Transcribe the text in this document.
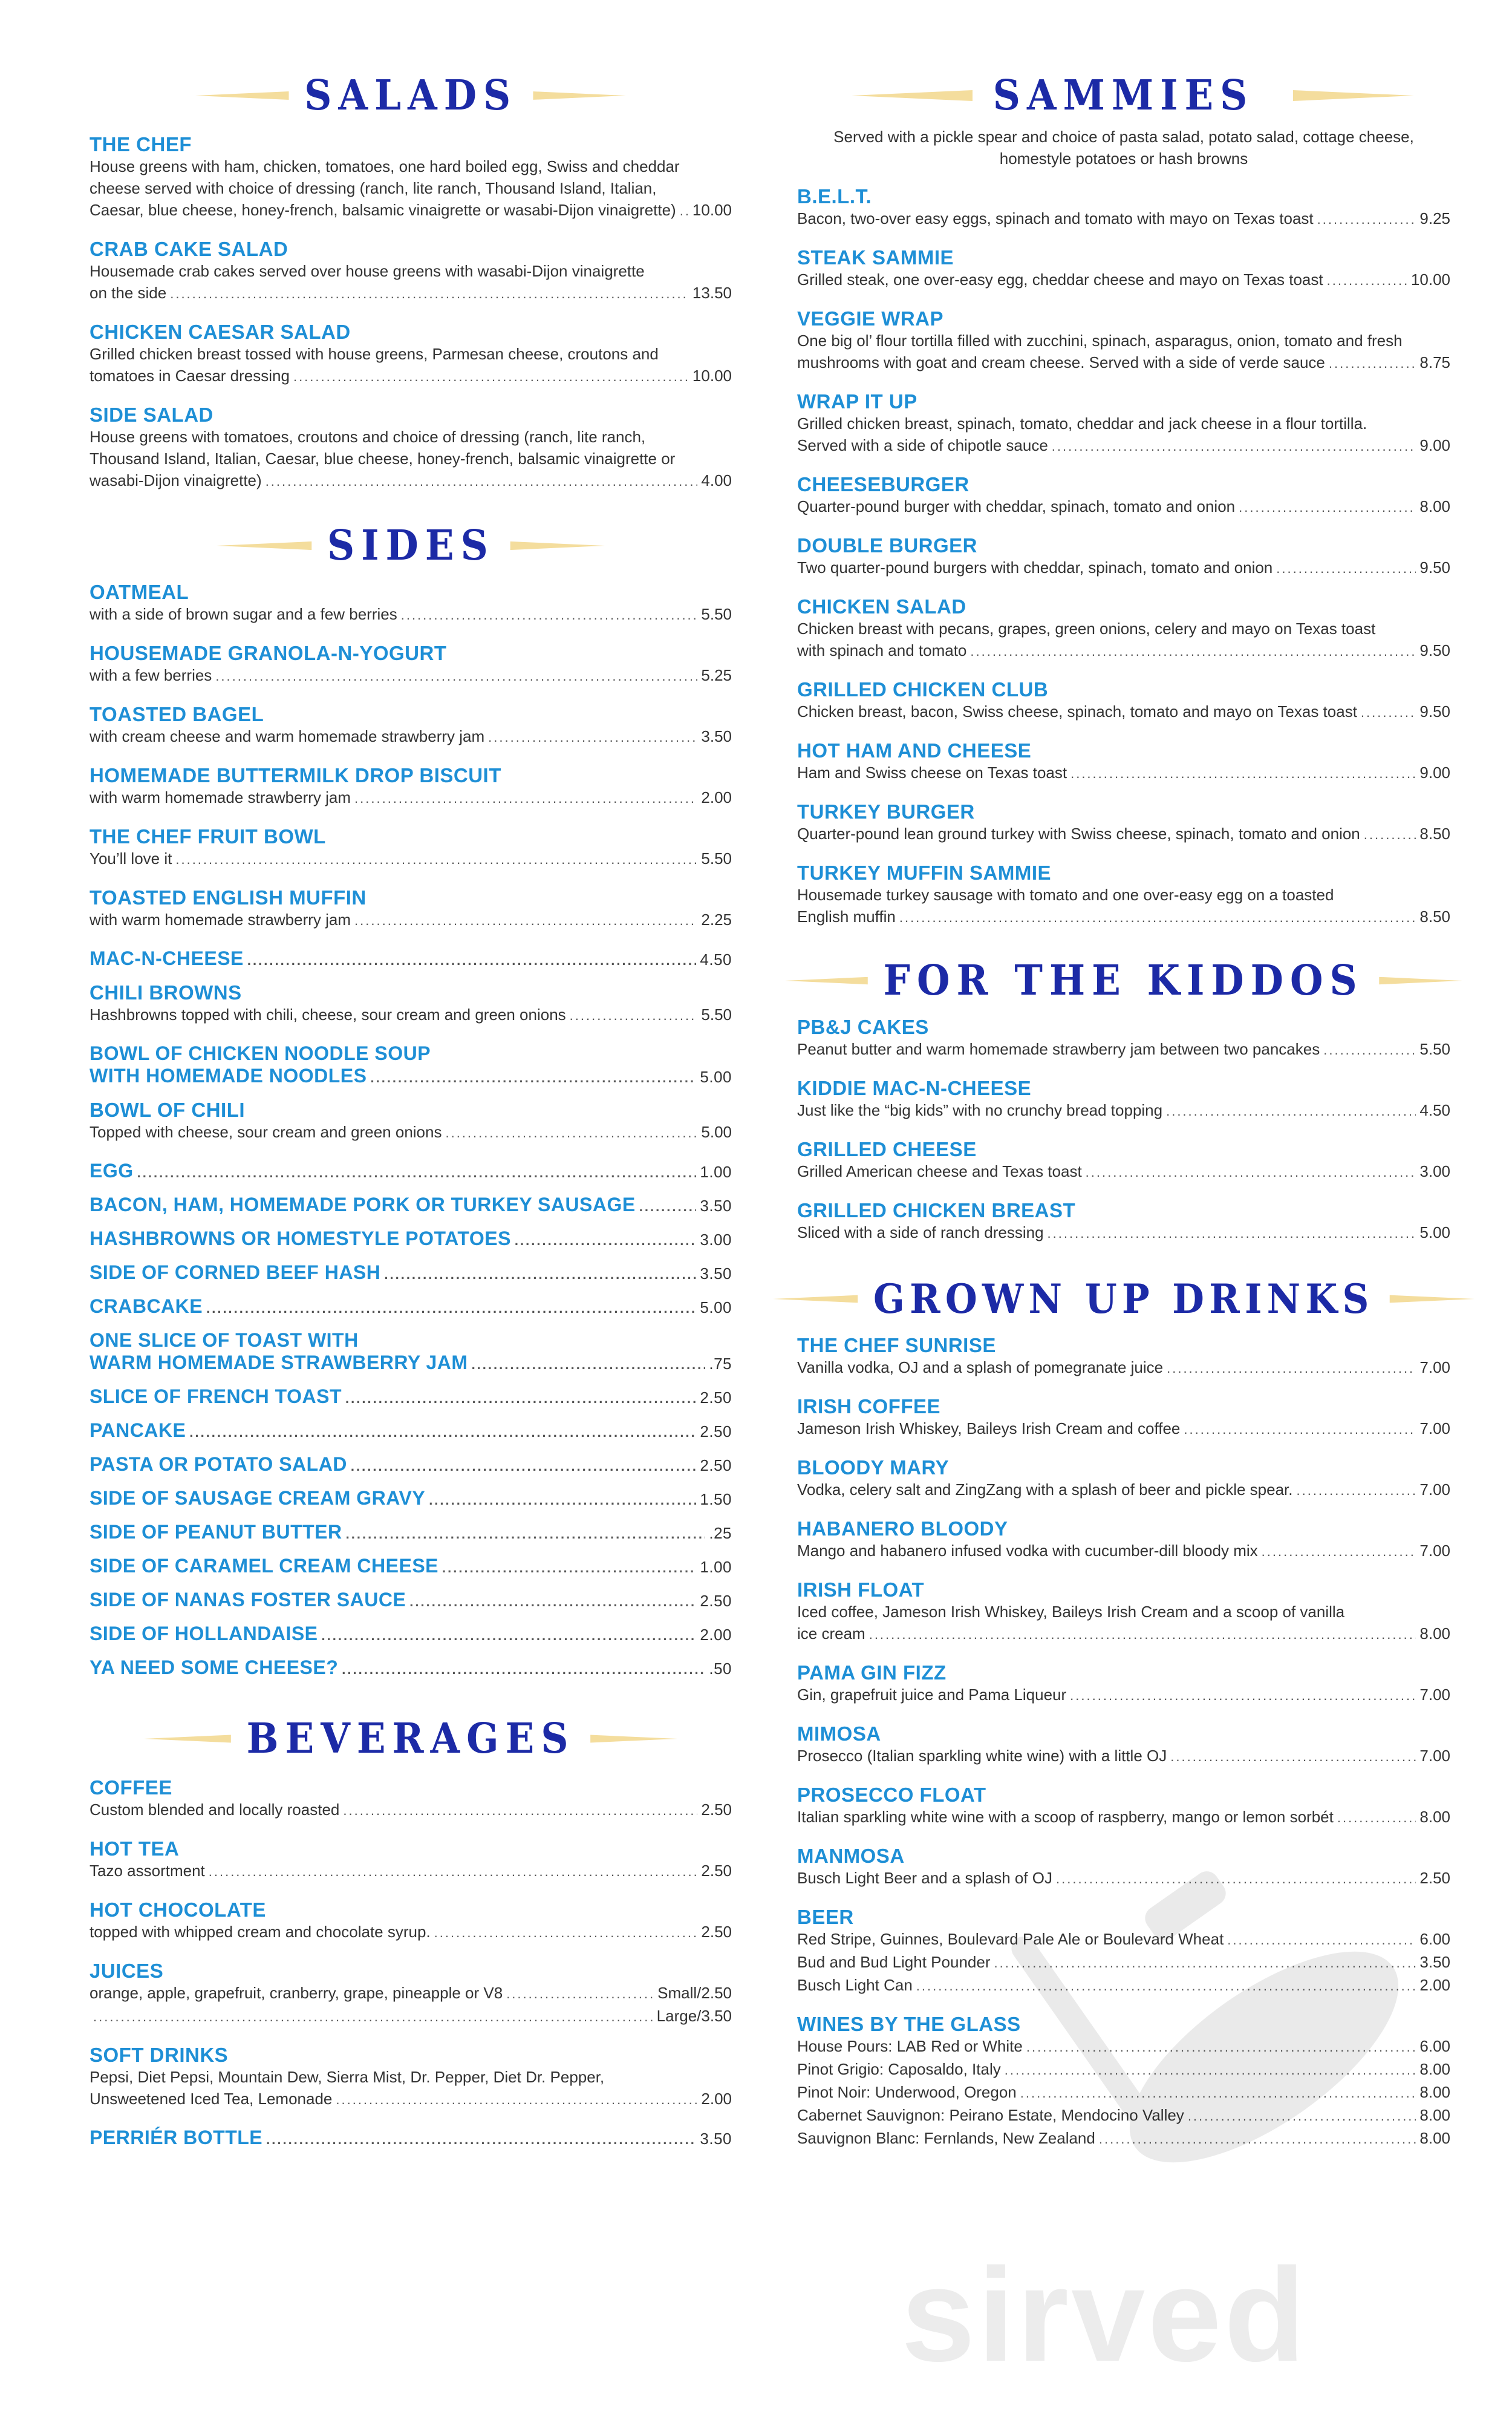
SALADS
THE CHEF
House greens with ham, chicken, tomatoes, one hard boiled egg, Swiss and cheddar
cheese served with choice of dressing (ranch, lite ranch, Thousand Island, Italian,
Caesar, blue cheese, honey-french, balsamic vinaigrette or wasabi-Dijon vinaigrette) ..... 10.00
CRAB CAKE SALAD
Housemade crab cakes served over house greens with wasabi-Dijon vinaigrette
on the side .....	13.50
CHICKEN CAESAR SALAD
Grilled chicken breast tossed with house greens, Parmesan cheese, croutons and
tomatoes in Caesar dressing .....	10.00
SIDE SALAD
House greens with tomatoes, croutons and choice of dressing (ranch, lite ranch,
Thousand Island, Italian, Caesar, blue cheese, honey-french, balsamic vinaigrette or
wasabi-Dijon vinaigrette) .....	4.00
SIDES
OATMEAL
with a side of brown sugar and a few berries .....	5.50
HOUSEMADE GRANOLA-N-YOGURT
with a few berries .....	5.25
TOASTED BAGEL
with cream cheese and warm homemade strawberry jam .....	3.50
HOMEMADE BUTTERMILK DROP BISCUIT
with warm homemade strawberry jam .....	2.00
THE CHEF FRUIT BOWL
You’ll love it .....	5.50
TOASTED ENGLISH MUFFIN
with warm homemade strawberry jam .....	2.25
MAC-N-CHEESE .....	4.50
CHILI BROWNS
Hashbrowns topped with chili, cheese, sour cream and green onions .....	5.50
BOWL OF CHICKEN NOODLE SOUP
WITH HOMEMADE NOODLES .....	5.00
BOWL OF CHILI
Topped with cheese, sour cream and green onions .....	5.00
EGG .....	1.00
BACON, HAM, HOMEMADE PORK OR TURKEY SAUSAGE .....	3.50
HASHBROWNS OR HOMESTYLE POTATOES .....	3.00
SIDE OF CORNED BEEF HASH .....	3.50
CRABCAKE .....	5.00
ONE SLICE OF TOAST WITH
WARM HOMEMADE STRAWBERRY JAM .....	.75
SLICE OF FRENCH TOAST .....	2.50
PANCAKE .....	2.50
PASTA OR POTATO SALAD .....	2.50
SIDE OF SAUSAGE CREAM GRAVY .....	1.50
SIDE OF PEANUT BUTTER .....	.25
SIDE OF CARAMEL CREAM CHEESE .....	1.00
SIDE OF NANAS FOSTER SAUCE .....	2.50
SIDE OF HOLLANDAISE .....	2.00
YA NEED SOME CHEESE? .....	.50
BEVERAGES
COFFEE
Custom blended and locally roasted .....	2.50
HOT TEA
Tazo assortment .....	2.50
HOT CHOCOLATE
topped with whipped cream and chocolate syrup. .....	2.50
JUICES
orange, apple, grapefruit, cranberry, grape, pineapple or V8 .....	Small/2.50
.....
Large/3.50
SOFT DRINKS
Pepsi, Diet Pepsi, Mountain Dew, Sierra Mist, Dr. Pepper, Diet Dr. Pepper,
Unsweetened Iced Tea, Lemonade .....	2.00
PERRIÉR BOTTLE .....	3.50
SAMMIES
Served with a pickle spear and choice of pasta salad, potato salad, cottage cheese, homestyle potatoes or hash browns
B.E.L.T.
Bacon, two-over easy eggs, spinach and tomato with mayo on Texas toast .....	9.25
STEAK SAMMIE
Grilled steak, one over-easy egg, cheddar cheese and mayo on Texas toast .....	10.00
VEGGIE WRAP
One big ol’ flour tortilla filled with zucchini, spinach, asparagus, onion, tomato and fresh
mushrooms with goat and cream cheese. Served with a side of verde sauce .....	8.75
WRAP IT UP
Grilled chicken breast, spinach, tomato, cheddar and jack cheese in a flour tortilla.
Served with a side of chipotle sauce .....	9.00
CHEESEBURGER
Quarter-pound burger with cheddar, spinach, tomato and onion .....	8.00
DOUBLE BURGER
Two quarter-pound burgers with cheddar, spinach, tomato and onion .....	9.50
CHICKEN SALAD
Chicken breast with pecans, grapes, green onions, celery and mayo on Texas toast
with spinach and tomato .....	9.50
GRILLED CHICKEN CLUB
Chicken breast, bacon, Swiss cheese, spinach, tomato and mayo on Texas toast .....	9.50
HOT HAM AND CHEESE
Ham and Swiss cheese on Texas toast .....	9.00
TURKEY BURGER
Quarter-pound lean ground turkey with Swiss cheese, spinach, tomato and onion .....	8.50
TURKEY MUFFIN SAMMIE
Housemade turkey sausage with tomato and one over-easy egg on a toasted
English muffin .....	8.50
FOR THE KIDDOS
PB&J CAKES
Peanut butter and warm homemade strawberry jam between two pancakes .....	5.50
KIDDIE MAC-N-CHEESE
Just like the “big kids” with no crunchy bread topping .....	4.50
GRILLED CHEESE
Grilled American cheese and Texas toast .....	3.00
GRILLED CHICKEN BREAST
Sliced with a side of ranch dressing .....	5.00
GROWN UP DRINKS
THE CHEF SUNRISE
Vanilla vodka, OJ and a splash of pomegranate juice .....	7.00
IRISH COFFEE
Jameson Irish Whiskey, Baileys Irish Cream and coffee .....	7.00
BLOODY MARY
Vodka, celery salt and ZingZang with a splash of beer and pickle spear. .....	7.00
HABANERO BLOODY
Mango and habanero infused vodka with cucumber-dill bloody mix .....	7.00
IRISH FLOAT
Iced coffee, Jameson Irish Whiskey, Baileys Irish Cream and a scoop of vanilla
ice cream .....	8.00
PAMA GIN FIZZ
Gin, grapefruit juice and Pama Liqueur .....	7.00
MIMOSA
Prosecco (Italian sparkling white wine) with a little OJ .....	7.00
PROSECCO FLOAT
Italian sparkling white wine with a scoop of raspberry, mango or lemon sorbét .....	8.00
MANMOSA
Busch Light Beer and a splash of OJ .....	2.50
BEER
Red Stripe, Guinnes, Boulevard Pale Ale or Boulevard Wheat .....	6.00
Bud and Bud Light Pounder .....	3.50
Busch Light Can .....	2.00
WINES BY THE GLASS
House Pours: LAB Red or White .....	6.00
Pinot Grigio: Caposaldo, Italy .....	8.00
Pinot Noir: Underwood, Oregon .....	8.00
Cabernet Sauvignon: Peirano Estate, Mendocino Valley .....	8.00
Sauvignon Blanc: Fernlands, New Zealand .....	8.00
sirved
